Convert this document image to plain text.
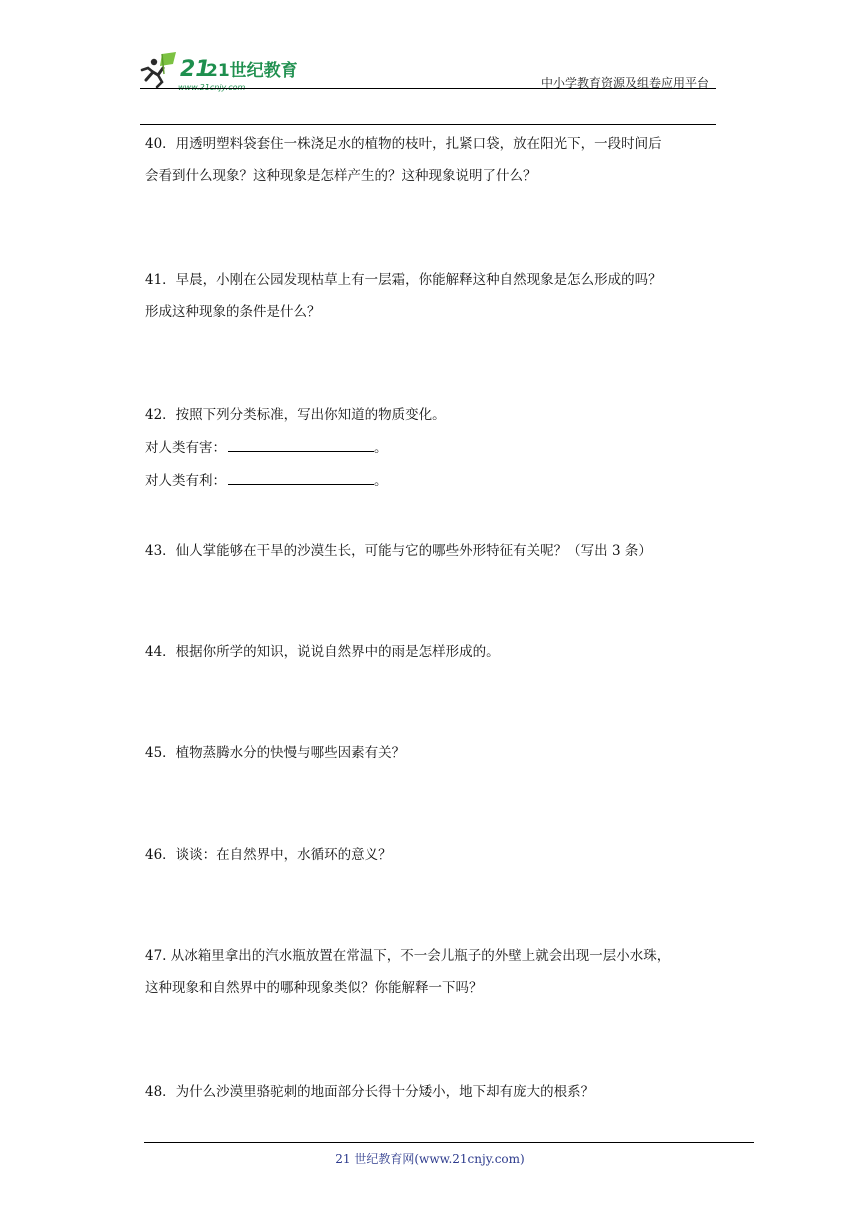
21
21世纪教育
www.21cnjy.com	中小学教育资源及组卷应用平台
40．用透明塑料袋套住一株浇足水的植物的枝叶，扎紧口袋，放在阳光下，一段时间后
会看到什么现象？这种现象是怎样产生的？这种现象说明了什么？
41．早晨，小刚在公园发现枯草上有一层霜，你能解释这种自然现象是怎么形成的吗？
形成这种现象的条件是什么？
42．按照下列分类标准，写出你知道的物质变化。
对人类有害：	。
对人类有利：	。
43．仙人掌能够在干旱的沙漠生长，可能与它的哪些外形特征有关呢？（写出 3 条）
44．根据你所学的知识，说说自然界中的雨是怎样形成的。
45．植物蒸腾水分的快慢与哪些因素有关？
46．谈谈：在自然界中，水循环的意义？
47. 从冰箱里拿出的汽水瓶放置在常温下，不一会儿瓶子的外壁上就会出现一层小水珠，
这种现象和自然界中的哪种现象类似？你能解释一下吗？
48．为什么沙漠里骆驼刺的地面部分长得十分矮小，地下却有庞大的根系？
21 世纪教育网(www.21cnjy.com)
